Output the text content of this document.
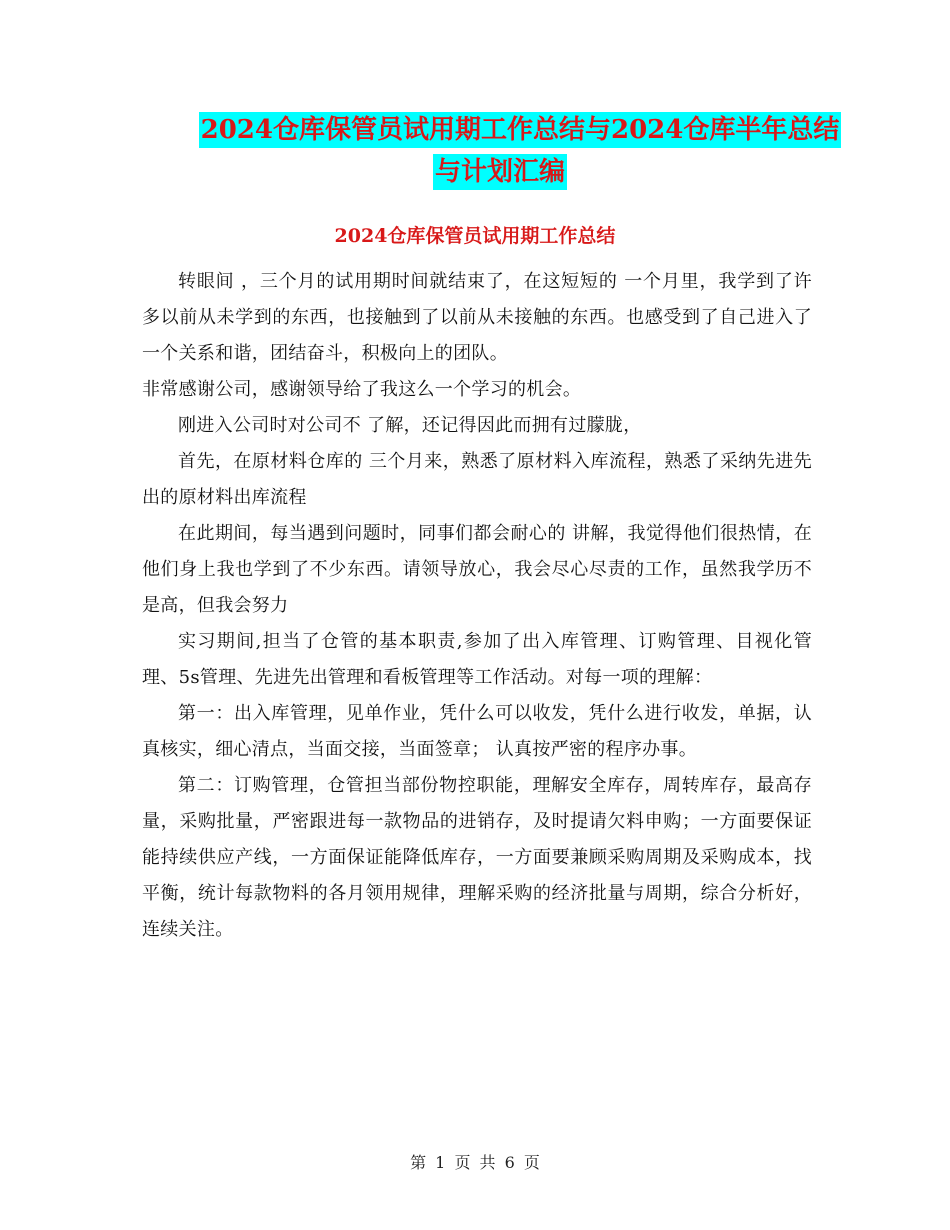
2024仓库保管员试用期工作总结与2024仓库半年总结
与计划汇编
2024仓库保管员试用期工作总结

转眼间 ，三个月的试用期时间就结束了，在这短短的 一个月里，我学到了许多以前从未学到的东西，也接触到了以前从未接触的东西。也感受到了自己进入了一个关系和谐，团结奋斗，积极向上的团队。

非常感谢公司，感谢领导给了我这么一个学习的机会。

刚进入公司时对公司不 了解，还记得因此而拥有过朦胧，

首先，在原材料仓库的 三个月来，熟悉了原材料入库流程，熟悉了采纳先进先出的原材料出库流程

在此期间，每当遇到问题时，同事们都会耐心的 讲解，我觉得他们很热情，在他们身上我也学到了不少东西。请领导放心，我会尽心尽责的工作，虽然我学历不是高，但我会努力

实习期间,担当了仓管的基本职责,参加了出入库管理、订购管理、目视化管理、5s管理、先进先出管理和看板管理等工作活动。对每一项的理解：

第一：出入库管理，见单作业，凭什么可以收发，凭什么进行收发，单据，认真核实，细心清点，当面交接，当面签章； 认真按严密的程序办事。

第二：订购管理，仓管担当部份物控职能，理解安全库存，周转库存，最高存量，采购批量，严密跟进每一款物品的进销存，及时提请欠料申购；一方面要保证能持续供应产线，一方面保证能降低库存，一方面要兼顾采购周期及采购成本，找平衡，统计每款物料的各月领用规律，理解采购的经济批量与周期，综合分析好，连续关注。

第 1 页 共 6 页
